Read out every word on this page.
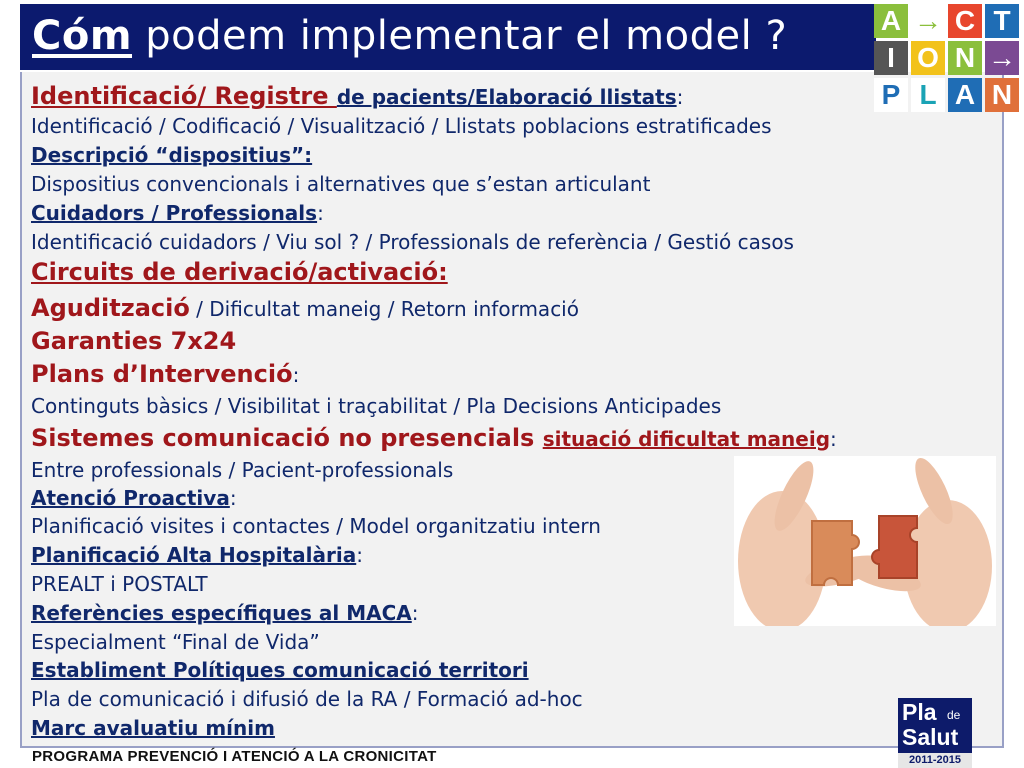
Cóm podem implementar el model ?
Identificació/ Registre de pacients/Elaboració llistats:
Identificació / Codificació / Visualització / Llistats poblacions estratificades
Descripció “dispositius”:
Dispositius convencionals i alternatives que s’estan articulant
Cuidadors / Professionals:
Identificació cuidadors / Viu sol ? / Professionals de referència / Gestió casos
Circuits de derivació/activació:
Agudització / Dificultat maneig / Retorn informació
Garanties 7x24
Plans d’Intervenció:
Continguts bàsics / Visibilitat i traçabilitat / Pla Decisions Anticipades
Sistemes comunicació no presencials situació dificultat maneig:
Entre professionals / Pacient-professionals
Atenció Proactiva:
Planificació visites i contactes / Model organitzatiu intern
Planificació Alta Hospitalària:
PREALT i POSTALT
Referències específiques al MACA:
Especialment “Final de Vida”
Establiment Polítiques comunicació territori
Pla de comunicació i difusió de la RA / Formació ad-hoc
Marc avaluatiu mínim
A → C T
I O N →
P L A N
Pla de
Salut
2011-2015
PROGRAMA PREVENCIÓ I ATENCIÓ A LA CRONICITAT
